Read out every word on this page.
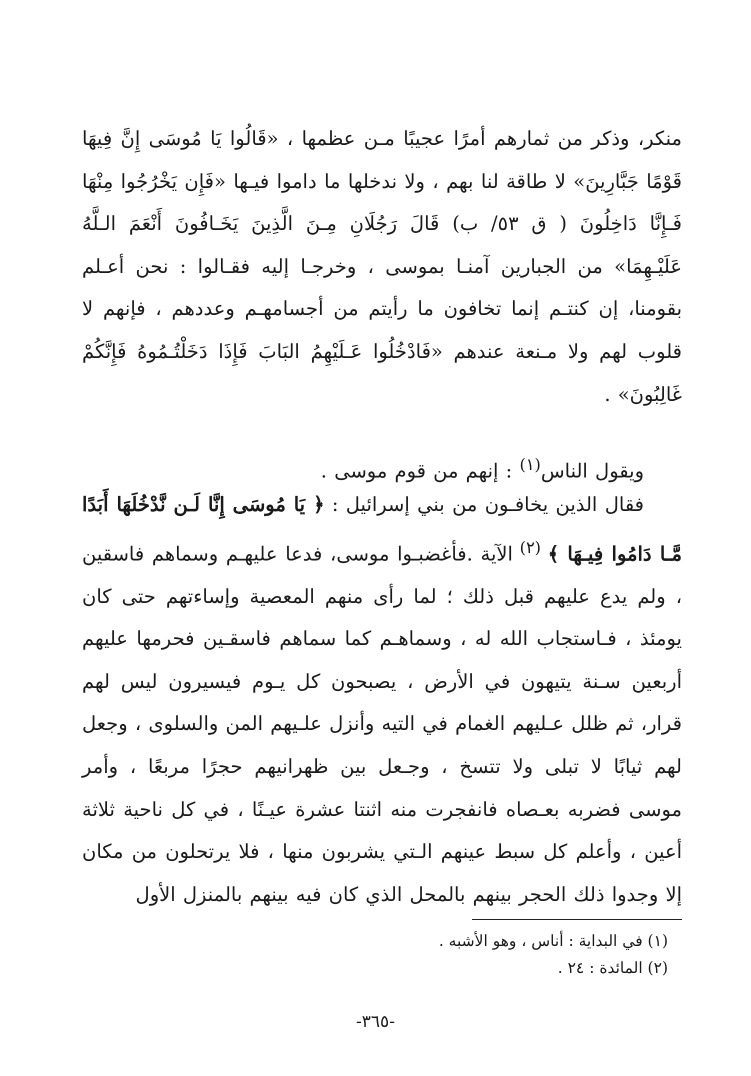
منكر، وذكر من ثمارهم أمرًا عجيبًا مـن عظمها ، «قَالُوا يَا مُوسَى إِنَّ فِيهَا قَوْمًا جَبَّارِينَ» لا طاقة لنا بهم ، ولا ندخلها ما داموا فيـها «فَإِن يَخْرُجُوا مِنْهَا فَـإِنَّا دَاخِلُونَ ( ق ٥٣/ ب) قَالَ رَجُلَانِ مِـنَ الَّذِينَ يَخَـافُونَ أَنْعَمَ الـلَّهُ عَلَيْـهِمَا» من الجبارين آمنـا بموسى ، وخرجـا إليه فقـالوا : نحن أعـلم بقومنا، إن كنتـم إنما تخافون ما رأيتم من أجسامهـم وعددهم ، فإنهم لا قلوب لهم ولا مـنعة عندهم «فَادْخُلُوا عَـلَيْهِمُ البَابَ فَإِذَا دَخَلْتُـمُوهُ فَإِنَّكُمْ غَالِبُونَ» .

ويقول الناس$^{(١)}$ : إنهم من قوم موسى .

فقال الذين يخافـون من بني إسرائيل : ﴿ يَا مُوسَى إِنَّا لَـن نَّدْخُلَهَا أَبَدًا مَّـا دَامُوا فِيـهَا ﴾ $^{(٢)}$ الآية .فأغضبـوا موسى، فدعا عليهـم وسماهم فاسقين ، ولم يدع عليهم قبل ذلك ؛ لما رأى منهم المعصية وإساءتهم حتى كان يومئذ ، فـاستجاب الله له ، وسماهـم كما سماهم فاسقـين فحرمها عليهم أربعين سـنة يتيهون في الأرض ، يصبحون كل يـوم فيسيرون ليس لهم قرار، ثم ظلل عـليهم الغمام في التيه وأنزل علـيهم المن والسلوى ، وجعل لهم ثيابًا لا تبلى ولا تتسخ ، وجـعل بين ظهرانيهم حجرًا مربعًا ، وأمر موسى فضربه بعـصاه فانفجرت منه اثنتا عشرة عيـنًا ، في كل ناحية ثلاثة أعين ، وأعلم كل سبط عينهم الـتي يشربون منها ، فلا يرتحلون من مكان إلا وجدوا ذلك الحجر بينهم بالمحل الذي كان فيه بينهم بالمنزل الأول

(١) في البداية : أناس ، وهو الأشبه .
(٢) المائدة : ٢٤ .
-٣٦٥-
